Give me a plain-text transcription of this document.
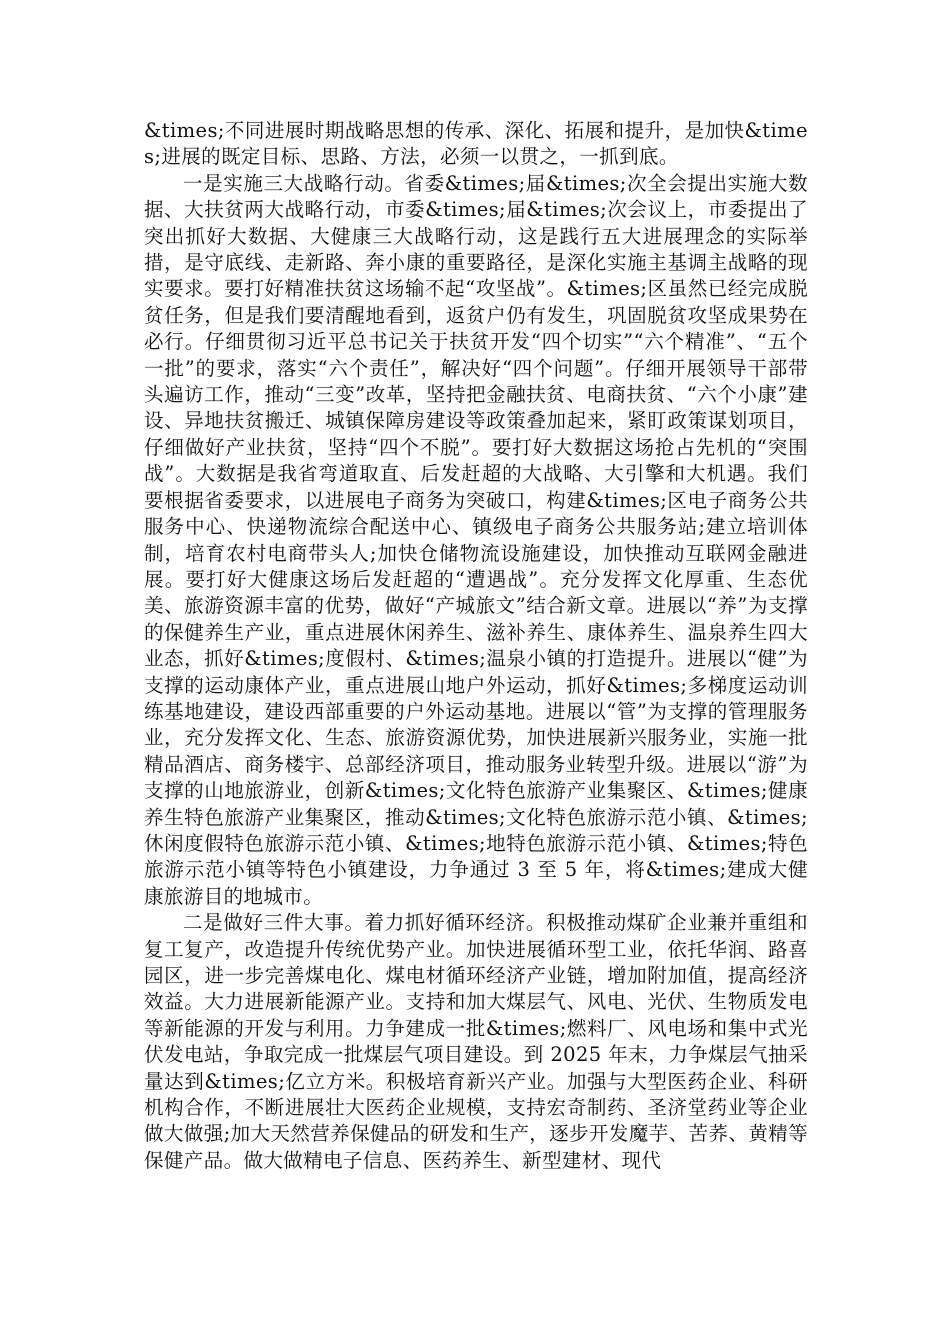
&times;不同进展时期战略思想的传承、深化、拓展和提升，是加快&times;进展的既定目标、思路、方法，必须一以贯之，一抓到底。

一是实施三大战略行动。省委&times;届&times;次全会提出实施大数据、大扶贫两大战略行动，市委&times;届&times;次会议上，市委提出了突出抓好大数据、大健康三大战略行动，这是践行五大进展理念的实际举措，是守底线、走新路、奔小康的重要路径，是深化实施主基调主战略的现实要求。要打好精准扶贫这场输不起“攻坚战”。&times;区虽然已经完成脱贫任务，但是我们要清醒地看到，返贫户仍有发生，巩固脱贫攻坚成果势在必行。仔细贯彻习近平总书记关于扶贫开发“四个切实”“六个精准”、“五个一批”的要求，落实“六个责任”，解决好“四个问题”。仔细开展领导干部带头遍访工作，推动“三变”改革，坚持把金融扶贫、电商扶贫、“六个小康”建设、异地扶贫搬迁、城镇保障房建设等政策叠加起来，紧盯政策谋划项目，仔细做好产业扶贫，坚持“四个不脱”。要打好大数据这场抢占先机的“突围战”。大数据是我省弯道取直、后发赶超的大战略、大引擎和大机遇。我们要根据省委要求，以进展电子商务为突破口，构建&times;区电子商务公共服务中心、快递物流综合配送中心、镇级电子商务公共服务站;建立培训体制，培育农村电商带头人;加快仓储物流设施建设，加快推动互联网金融进展。要打好大健康这场后发赶超的“遭遇战”。充分发挥文化厚重、生态优美、旅游资源丰富的优势，做好“产城旅文”结合新文章。进展以“养”为支撑的保健养生产业，重点进展休闲养生、滋补养生、康体养生、温泉养生四大业态，抓好&times;度假村、&times;温泉小镇的打造提升。进展以“健”为支撑的运动康体产业，重点进展山地户外运动，抓好&times;多梯度运动训练基地建设，建设西部重要的户外运动基地。进展以“管”为支撑的管理服务业，充分发挥文化、生态、旅游资源优势，加快进展新兴服务业，实施一批精品酒店、商务楼宇、总部经济项目，推动服务业转型升级。进展以“游”为支撑的山地旅游业，创新&times;文化特色旅游产业集聚区、&times;健康养生特色旅游产业集聚区，推动&times;文化特色旅游示范小镇、&times;休闲度假特色旅游示范小镇、&times;地特色旅游示范小镇、&times;特色旅游示范小镇等特色小镇建设，力争通过 3 至 5 年，将&times;建成大健康旅游目的地城市。

二是做好三件大事。着力抓好循环经济。积极推动煤矿企业兼并重组和复工复产，改造提升传统优势产业。加快进展循环型工业，依托华润、路喜园区，进一步完善煤电化、煤电材循环经济产业链，增加附加值，提高经济效益。大力进展新能源产业。支持和加大煤层气、风电、光伏、生物质发电等新能源的开发与利用。力争建成一批&times;燃料厂、风电场和集中式光伏发电站，争取完成一批煤层气项目建设。到 2025 年末，力争煤层气抽采量达到&times;亿立方米。积极培育新兴产业。加强与大型医药企业、科研机构合作，不断进展壮大医药企业规模，支持宏奇制药、圣济堂药业等企业做大做强;加大天然营养保健品的研发和生产，逐步开发魔芋、苦荞、黄精等保健产品。做大做精电子信息、医药养生、新型建材、现代
